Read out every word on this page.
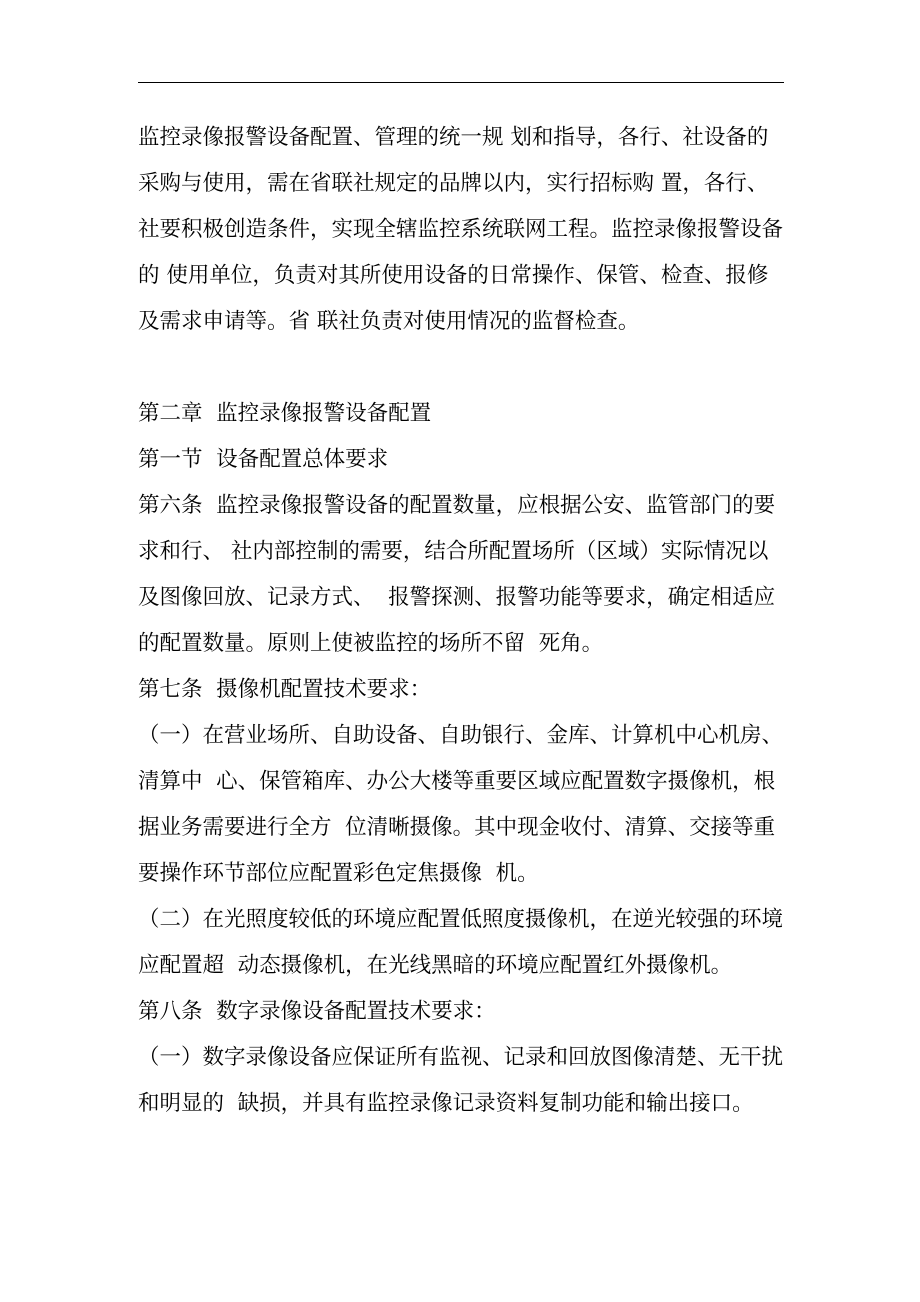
监控录像报警设备配置、管理的统一规 划和指导，各行、社设备的
采购与使用，需在省联社规定的品牌以内，实行招标购 置，各行、
社要积极创造条件，实现全辖监控系统联网工程。监控录像报警设备
的 使用单位，负责对其所使用设备的日常操作、保管、检查、报修
及需求申请等。省 联社负责对使用情况的监督检查。
第二章  监控录像报警设备配置
第一节  设备配置总体要求
第六条  监控录像报警设备的配置数量，应根据公安、监管部门的要
求和行、 社内部控制的需要，结合所配置场所（区域）实际情况以
及图像回放、记录方式、  报警探测、报警功能等要求，确定相适应
的配置数量。原则上使被监控的场所不留  死角。
第七条  摄像机配置技术要求：
（一）在营业场所、自助设备、自助银行、金库、计算机中心机房、
清算中  心、保管箱库、办公大楼等重要区域应配置数字摄像机，根
据业务需要进行全方  位清晰摄像。其中现金收付、清算、交接等重
要操作环节部位应配置彩色定焦摄像  机。
（二）在光照度较低的环境应配置低照度摄像机，在逆光较强的环境
应配置超  动态摄像机，在光线黑暗的环境应配置红外摄像机。
第八条  数字录像设备配置技术要求：
（一）数字录像设备应保证所有监视、记录和回放图像清楚、无干扰
和明显的  缺损，并具有监控录像记录资料复制功能和输出接口。
